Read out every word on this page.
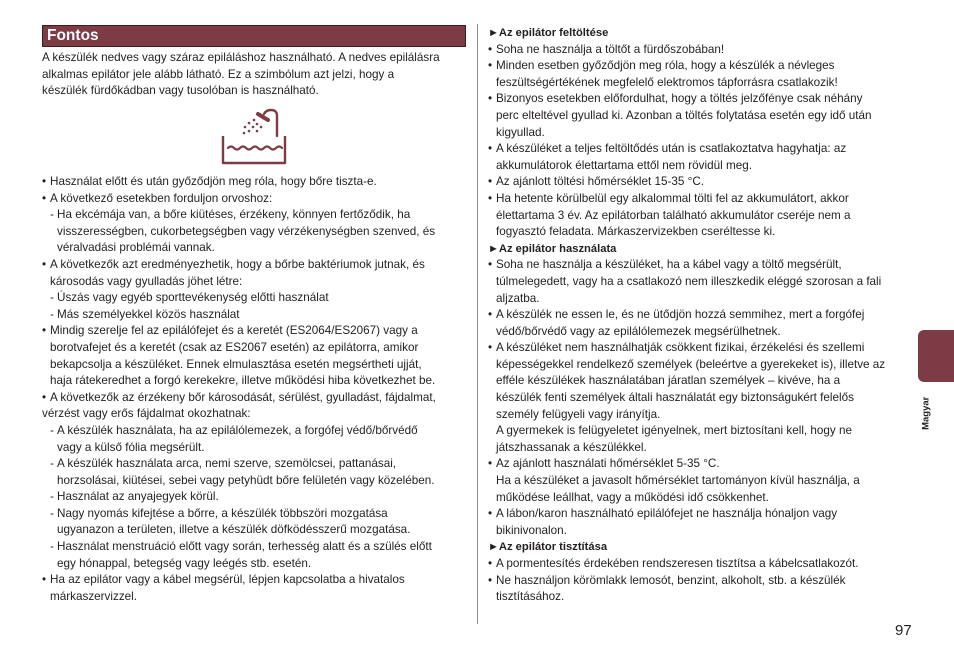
Fontos
A készülék nedves vagy száraz epiláláshoz használható. A nedves epilálásra
alkalmas epilátor jele alább látható. Ez a szimbólum azt jelzi, hogy a
készülék fürdőkádban vagy tusolóban is használható.
• Használat előtt és után győződjön meg róla, hogy bőre tiszta-e.
• A következő esetekben forduljon orvoshoz:
- Ha ekcémája van, a bőre kiütéses, érzékeny, könnyen fertőződik, ha
visszerességben, cukorbetegségben vagy vérzékenységben szenved, és
véralvadási problémái vannak.
• A következők azt eredményezhetik, hogy a bőrbe baktériumok jutnak, és
károsodás vagy gyulladás jöhet létre:
- Úszás vagy egyéb sporttevékenység előtti használat
- Más személyekkel közös használat
• Mindig szerelje fel az epilálófejet és a keretét (ES2064/ES2067) vagy a
borotvafejet és a keretét (csak az ES2067 esetén) az epilátorra, amikor
bekapcsolja a készüléket. Ennek elmulasztása esetén megsértheti ujját,
haja rátekeredhet a forgó kerekekre, illetve működési hiba következhet be.
• A következők az érzékeny bőr károsodását, sérülést, gyulladást, fájdalmat,
vérzést vagy erős fájdalmat okozhatnak:
- A készülék használata, ha az epilálólemezek, a forgófej védő/bőrvédő
vagy a külső fólia megsérült.
- A készülék használata arca, nemi szerve, szemölcsei, pattanásai,
horzsolásai, kiütései, sebei vagy petyhüdt bőre felületén vagy közelében.
- Használat az anyajegyek körül.
- Nagy nyomás kifejtése a bőrre, a készülék többszöri mozgatása
ugyanazon a területen, illetve a készülék döfködésszerű mozgatása.
- Használat menstruáció előtt vagy során, terhesség alatt és a szülés előtt
egy hónappal, betegség vagy leégés stb. esetén.
• Ha az epilátor vagy a kábel megsérül, lépjen kapcsolatba a hivatalos
márkaszervizzel.
►Az epilátor feltöltése
• Soha ne használja a töltőt a fürdőszobában!
• Minden esetben győződjön meg róla, hogy a készülék a névleges
feszültségértékének megfelelő elektromos tápforrásra csatlakozik!
• Bizonyos esetekben előfordulhat, hogy a töltés jelzőfénye csak néhány
perc elteltével gyullad ki. Azonban a töltés folytatása esetén egy idő után
kigyullad.
• A készüléket a teljes feltöltődés után is csatlakoztatva hagyhatja: az
akkumulátorok élettartama ettől nem rövidül meg.
• Az ajánlott töltési hőmérséklet 15-35 °C.
• Ha hetente körülbelül egy alkalommal tölti fel az akkumulátort, akkor
élettartama 3 év. Az epilátorban található akkumulátor cseréje nem a
fogyasztó feladata. Márkaszervizekben cseréltesse ki.
►Az epilátor használata
• Soha ne használja a készüléket, ha a kábel vagy a töltő megsérült,
túlmelegedett, vagy ha a csatlakozó nem illeszkedik eléggé szorosan a fali
aljzatba.
• A készülék ne essen le, és ne ütődjön hozzá semmihez, mert a forgófej
védő/bőrvédő vagy az epilálólemezek megsérülhetnek.
• A készüléket nem használhatják csökkent fizikai, érzékelési és szellemi
képességekkel rendelkező személyek (beleértve a gyerekeket is), illetve az
efféle készülékek használatában járatlan személyek – kivéve, ha a
készülék fenti személyek általi használatát egy biztonságukért felelős
személy felügyeli vagy irányítja.
A gyermekek is felügyeletet igényelnek, mert biztosítani kell, hogy ne
játszhassanak a készülékkel.
• Az ajánlott használati hőmérséklet 5-35 °C.
Ha a készüléket a javasolt hőmérséklet tartományon kívül használja, a
működése leállhat, vagy a működési idő csökkenhet.
• A lábon/karon használható epilálófejet ne használja hónaljon vagy
bikinivonalon.
►Az epilátor tisztítása
• A pormentesítés érdekében rendszeresen tisztítsa a kábelcsatlakozót.
• Ne használjon körömlakk lemosót, benzint, alkoholt, stb. a készülék
tisztításához.
Magyar
97
